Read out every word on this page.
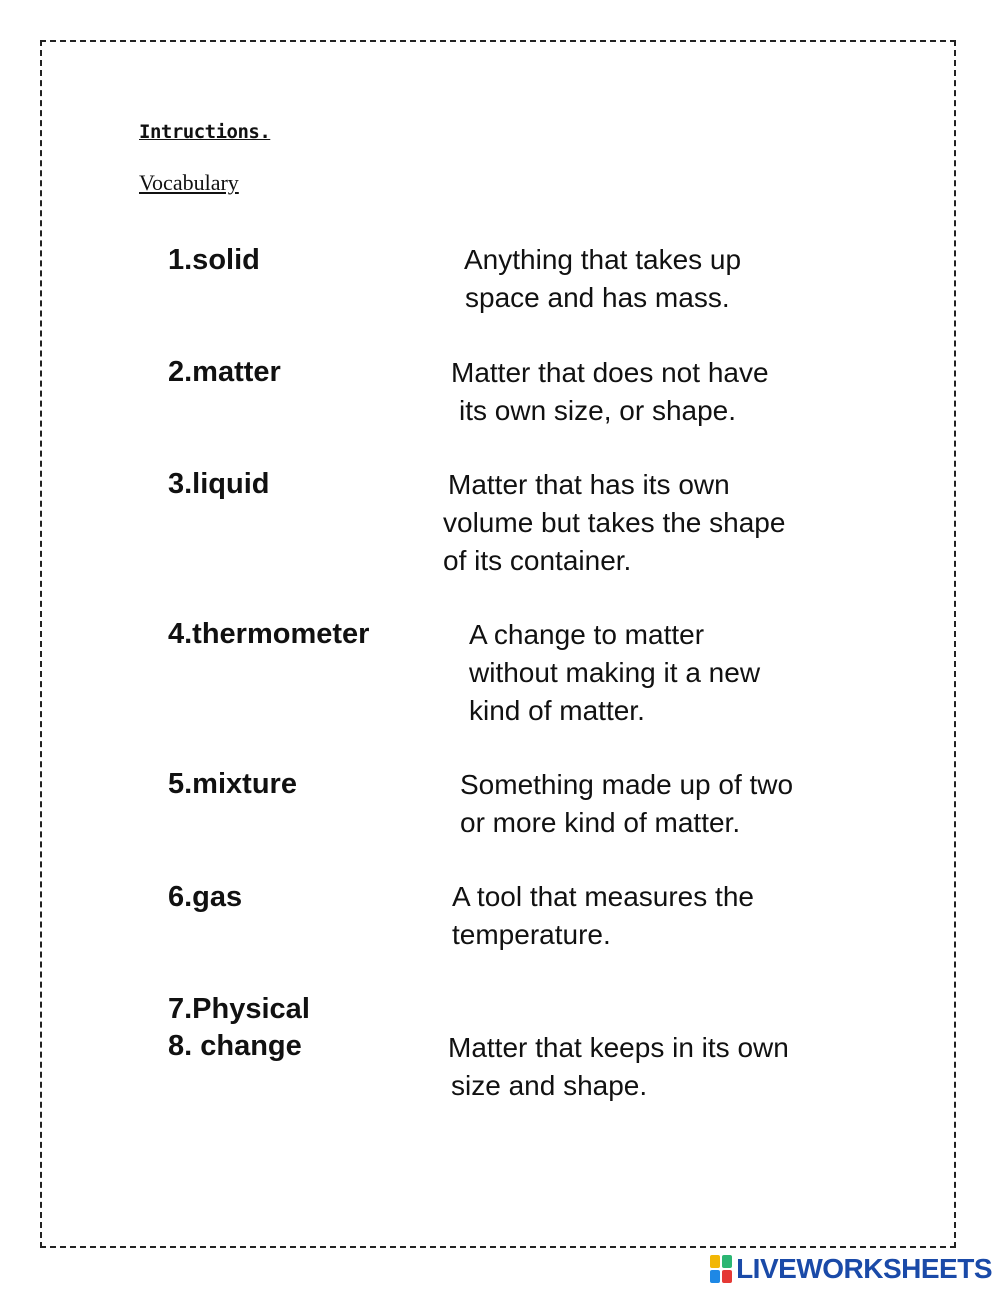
Intructions.
Vocabulary
1.solid
2.matter
3.liquid
4.thermometer
5.mixture
6.gas
7.Physical
8. change
Anything that takes up
space and has mass.
Matter that does not have
its own size, or shape.
Matter that has its own
volume but takes the shape
of its container.
A change to matter
without making it a new
kind of matter.
Something made up of two
or more kind of matter.
A tool that measures the
temperature.
Matter that keeps in its own
size and shape.
LIVEWORKSHEETS
